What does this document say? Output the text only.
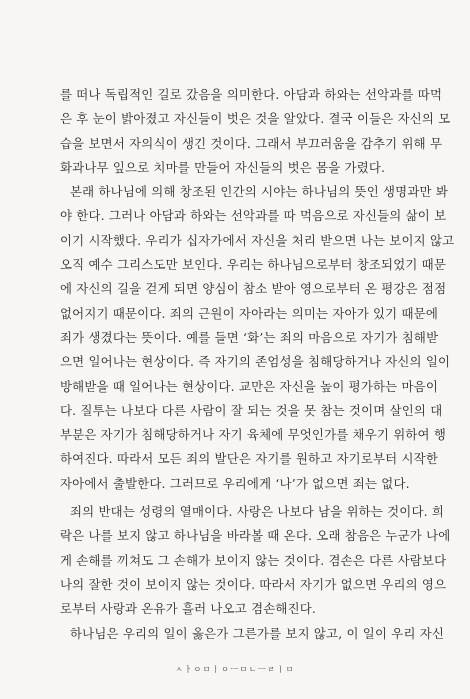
를 떠나 독립적인 길로 갔음을 의미한다. 아담과 하와는 선악과를 따먹
은 후 눈이 밝아졌고 자신들이 벗은 것을 알았다. 결국 이들은 자신의 모
습을 보면서 자의식이 생긴 것이다. 그래서 부끄러움을 감추기 위해 무
화과나무 잎으로 치마를 만들어 자신들의 벗은 몸을 가렸다.
본래 하나님에 의해 창조된 인간의 시야는 하나님의 뜻인 생명과만 봐
야 한다. 그러나 아담과 하와는 선악과를 따 먹음으로 자신들의 삶이 보
이기 시작했다. 우리가 십자가에서 자신을 처리 받으면 나는 보이지 않고
오직 예수 그리스도만 보인다. 우리는 하나님으로부터 창조되었기 때문
에 자신의 길을 걷게 되면 양심이 참소 받아 영으로부터 온 평강은 점점
없어지기 때문이다. 죄의 근원이 자아라는 의미는 자아가 있기 때문에
죄가 생겼다는 뜻이다. 예를 들면 ‘화’는 죄의 마음으로 자기가 침해받
으면 일어나는 현상이다. 즉 자기의 존엄성을 침해당하거나 자신의 일이
방해받을 때 일어나는 현상이다. 교만은 자신을 높이 평가하는 마음이
다. 질투는 나보다 다른 사람이 잘 되는 것을 못 참는 것이며 살인의 대
부분은 자기가 침해당하거나 자기 육체에 무엇인가를 채우기 위하여 행
하여진다. 따라서 모든 죄의 발단은 자기를 원하고 자기로부터 시작한
자아에서 출발한다. 그러므로 우리에게 ‘나’가 없으면 죄는 없다.
죄의 반대는 성령의 열매이다. 사랑은 나보다 남을 위하는 것이다. 희
락은 나를 보지 않고 하나님을 바라볼 때 온다. 오래 참음은 누군가 나에
게 손해를 끼쳐도 그 손해가 보이지 않는 것이다. 겸손은 다른 사람보다
나의 잘한 것이 보이지 않는 것이다. 따라서 자기가 없으면 우리의 영으
로부터 사랑과 온유가 흘러 나오고 겸손해진다.
하나님은 우리의 일이 옳은가 그른가를 보지 않고, 이 일이 우리 자신
ㅅㅏㅇㅁㅣㅇㅡㅁㄴㅡㄹㅣㅁ
